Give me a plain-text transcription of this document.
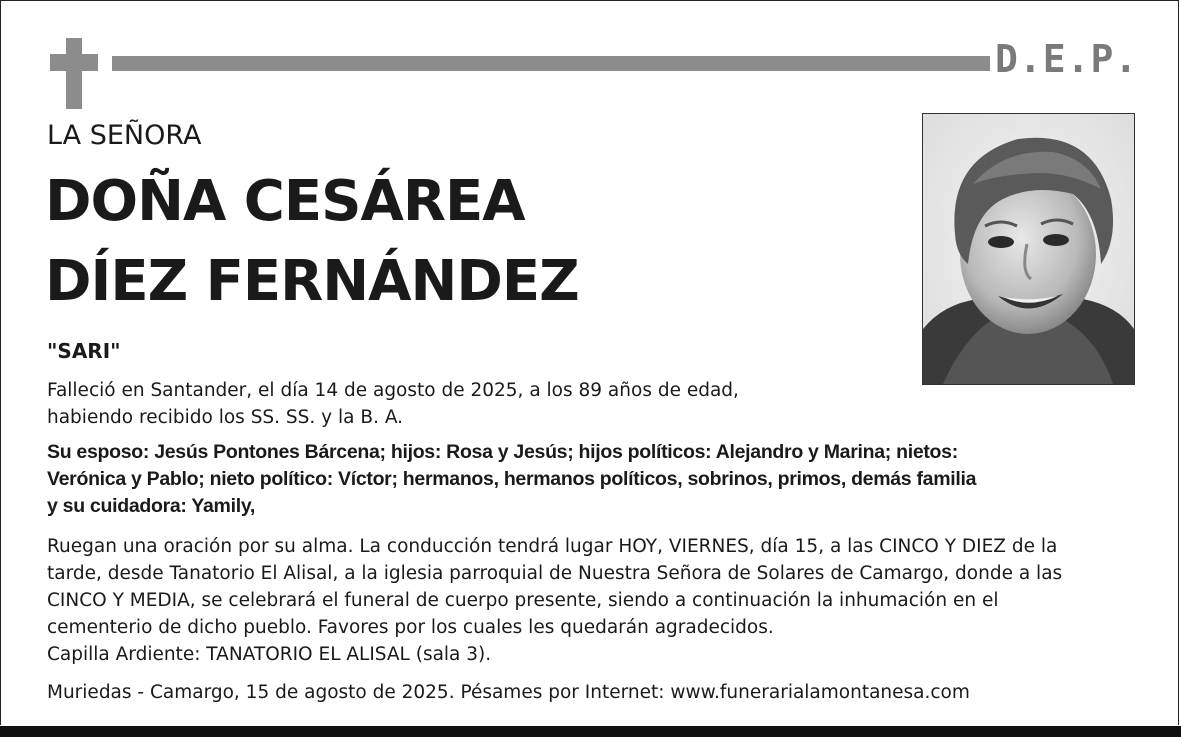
D.E.P.
LA SEÑORA
DOÑA CESÁREA
DÍEZ FERNÁNDEZ
"SARI"

Falleció en Santander, el día 14 de agosto de 2025, a los 89 años de edad,
habiendo recibido los SS. SS. y la B. A.

Su esposo: Jesús Pontones Bárcena; hijos: Rosa y Jesús; hijos políticos: Alejandro y Marina; nietos:
Verónica y Pablo; nieto político: Víctor; hermanos, hermanos políticos, sobrinos, primos, demás familia
y su cuidadora: Yamily,

Ruegan una oración por su alma. La conducción tendrá lugar HOY, VIERNES, día 15, a las CINCO Y DIEZ de la
tarde, desde Tanatorio El Alisal, a la iglesia parroquial de Nuestra Señora de Solares de Camargo, donde a las
CINCO Y MEDIA, se celebrará el funeral de cuerpo presente, siendo a continuación la inhumación en el
cementerio de dicho pueblo. Favores por los cuales les quedarán agradecidos.
Capilla Ardiente: TANATORIO EL ALISAL (sala 3).

Muriedas - Camargo, 15 de agosto de 2025. Pésames por Internet: www.funerarialamontanesa.com
